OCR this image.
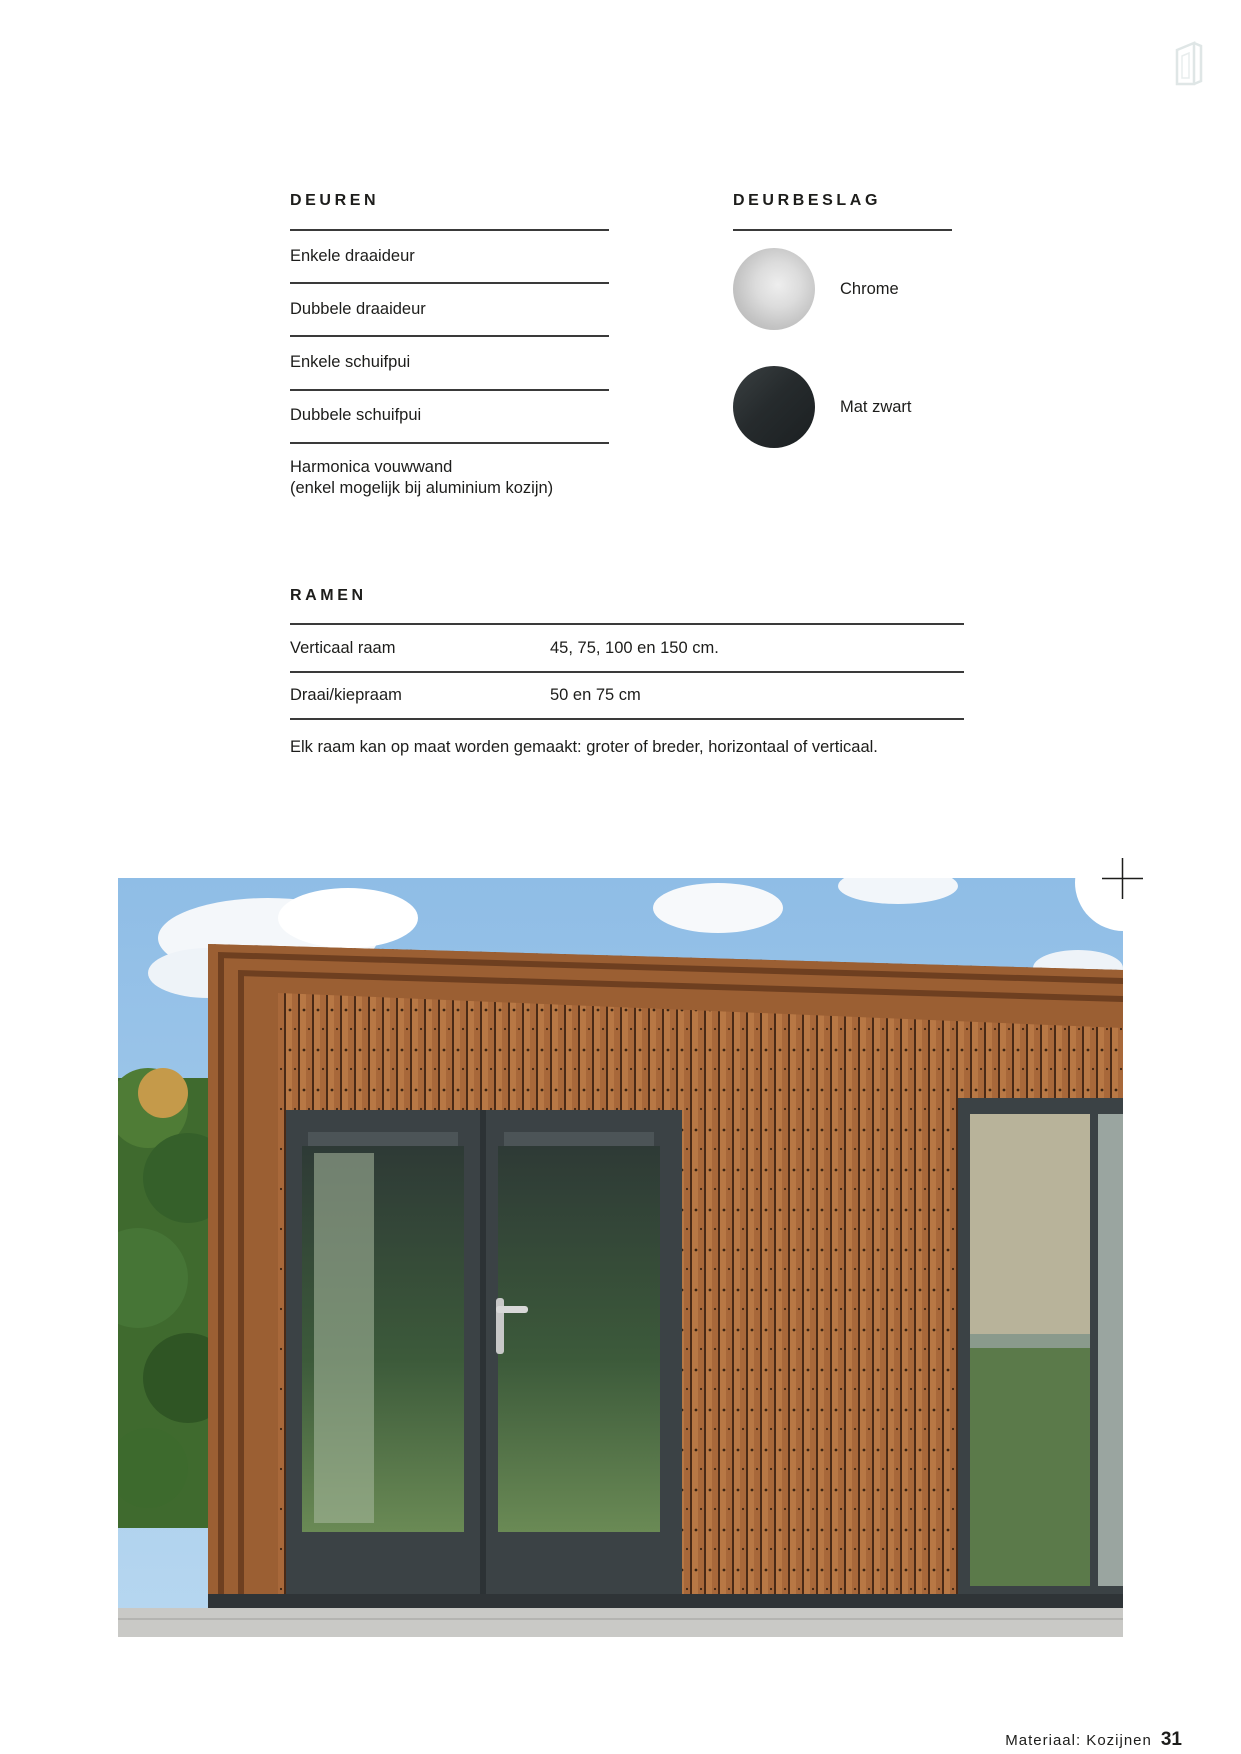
DEUREN
Enkele draaideur
Dubbele draaideur
Enkele schuifpui
Dubbele schuifpui
Harmonica vouwwand
(enkel mogelijk bij aluminium kozijn)
DEURBESLAG
Chrome
Mat zwart
RAMEN
Verticaal raam	45, 75, 100 en 150 cm.
Draai/kiepraam	50 en 75 cm
Elk raam kan op maat worden gemaakt: groter of breder, horizontaal of verticaal.
Materiaal: Kozijnen 31
